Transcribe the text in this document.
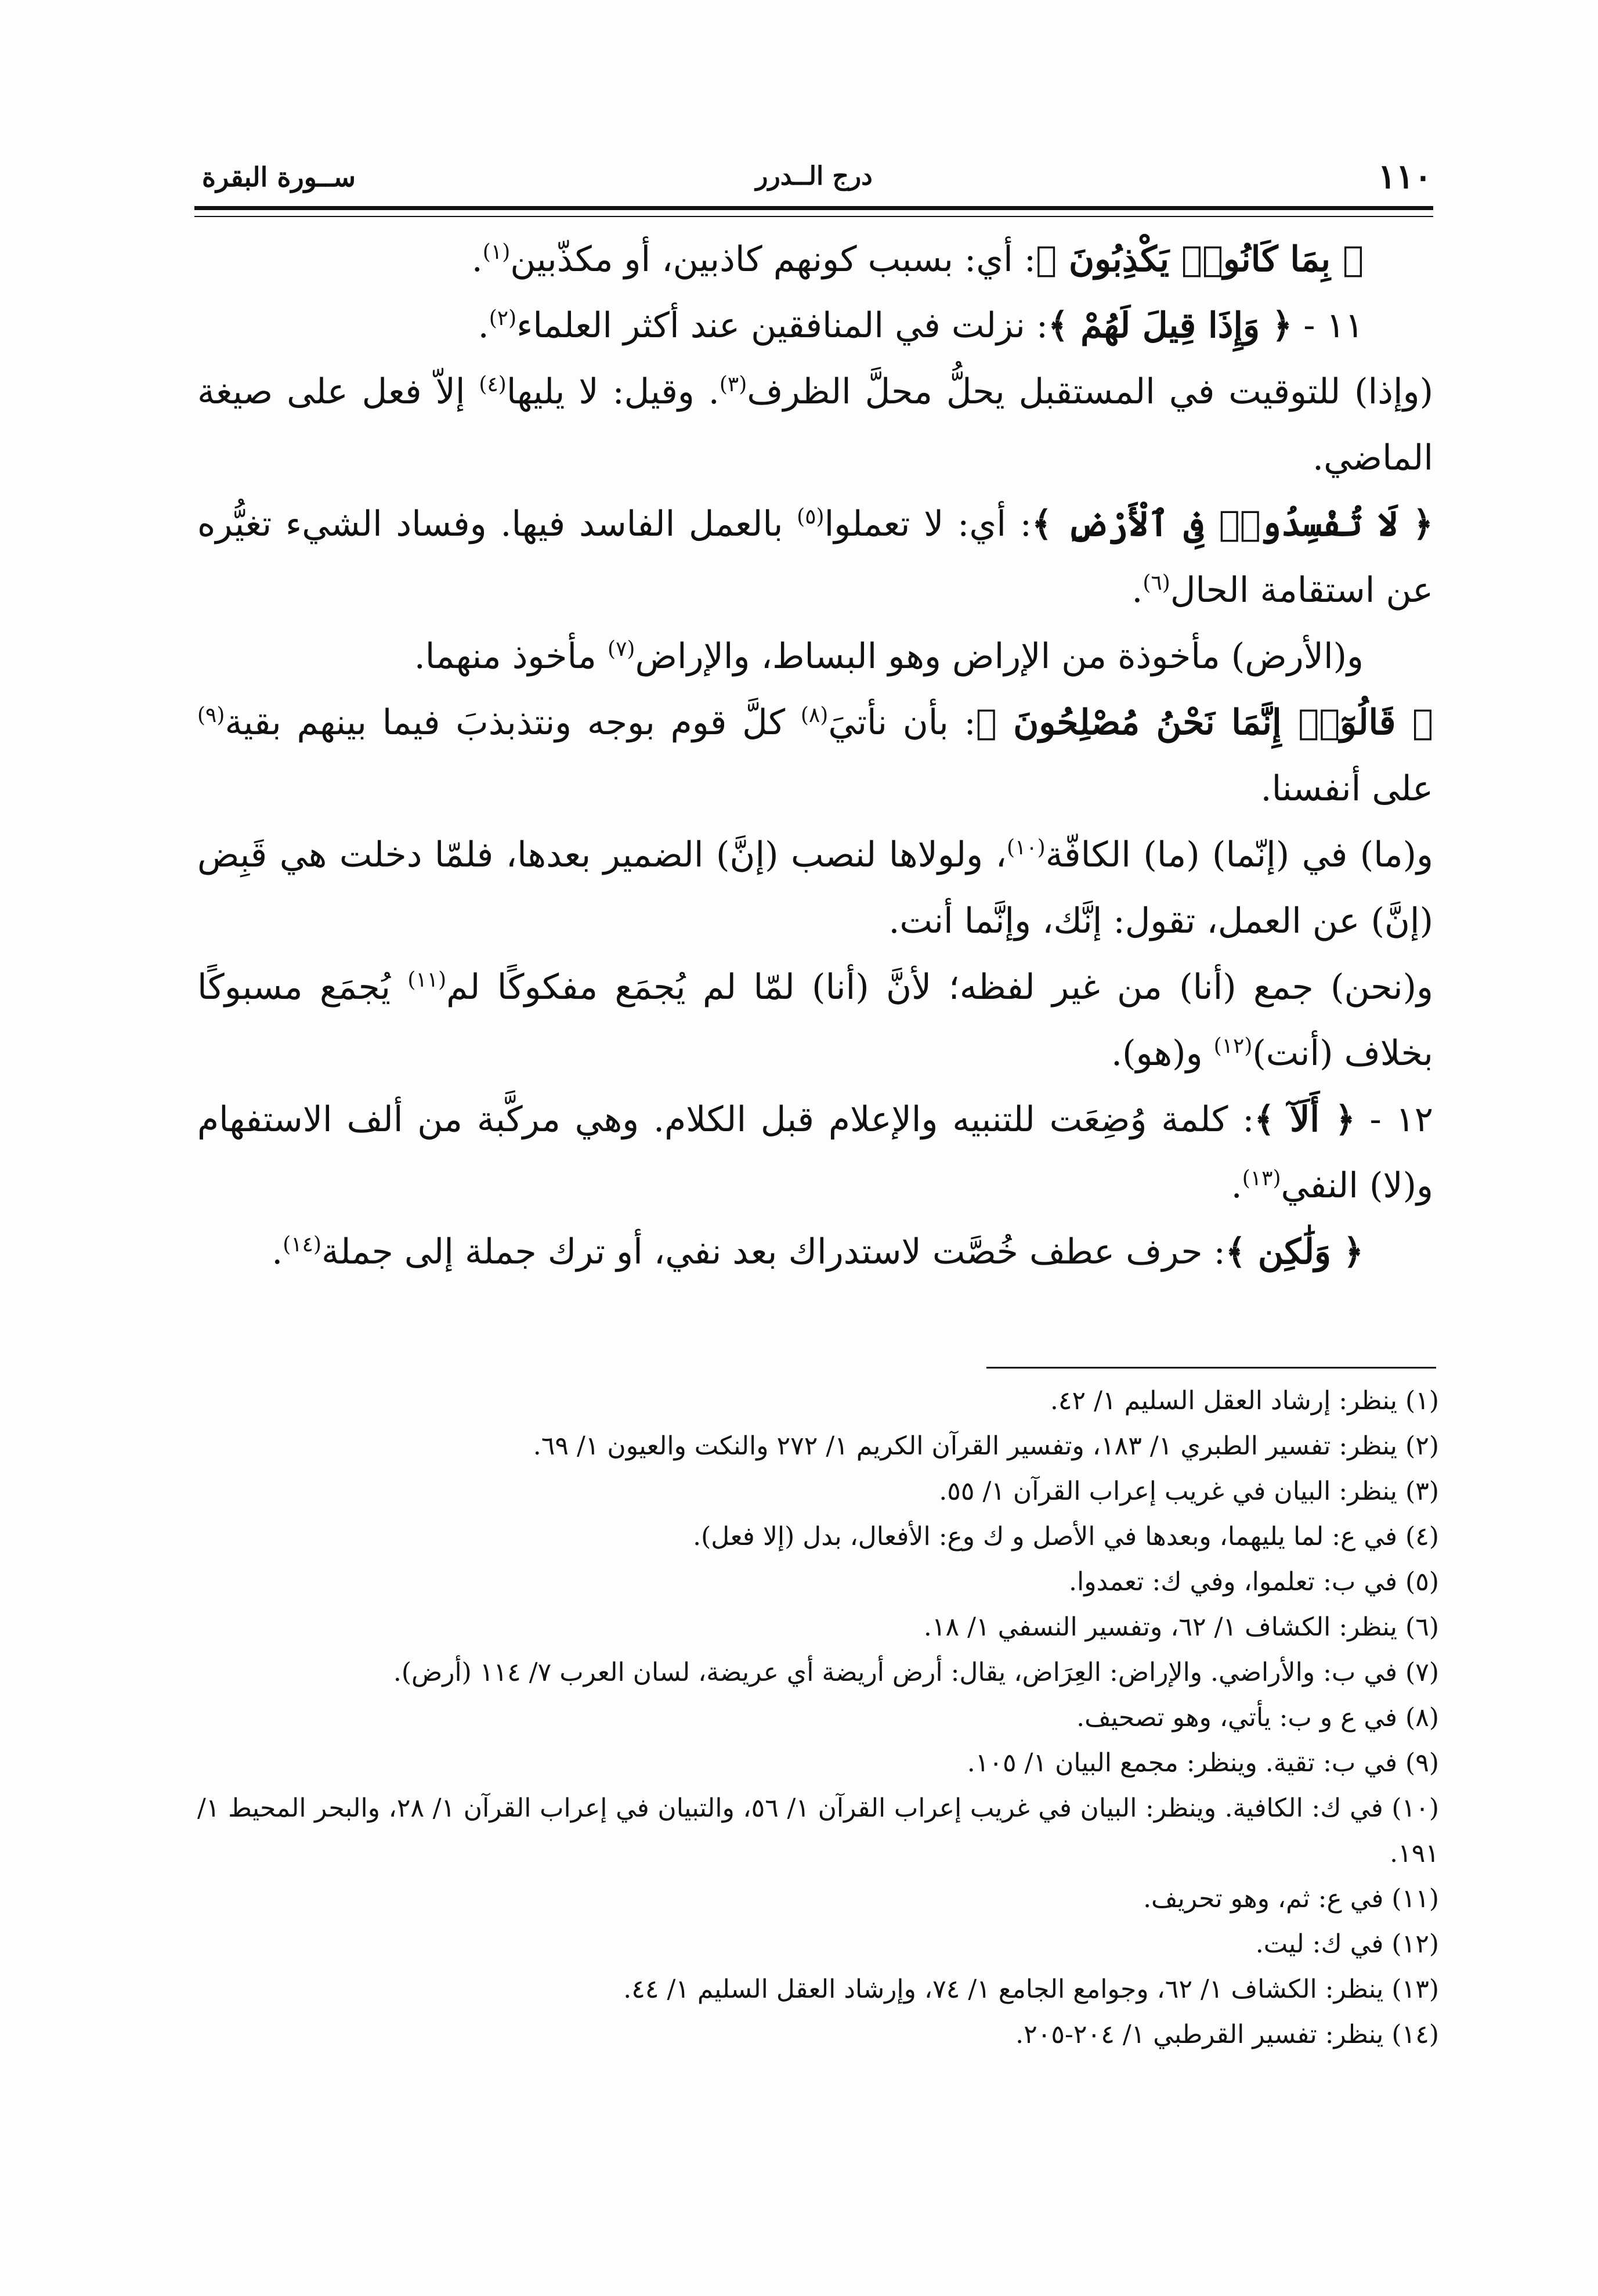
١١٠
درج الــدرر
ســورة البقرة

﴿ بِمَا كَانُوا۟ يَكْذِبُونَ ﴾: أي: بسبب كونهم كاذبين، أو مكذّبين$^{(١)}$.

١١ - ﴿ وَإِذَا قِيلَ لَهُمْ ﴾: نزلت في المنافقين عند أكثر العلماء$^{(٢)}$.

(وإذا) للتوقيت في المستقبل يحلُّ محلَّ الظرف$^{(٣)}$. وقيل: لا يليها$^{(٤)}$ إلاّ فعل على صيغة الماضي.

﴿ لَا تُفْسِدُوا۟ فِى ٱلْأَرْضِ ﴾: أي: لا تعملوا$^{(٥)}$ بالعمل الفاسد فيها. وفساد الشيء تغيُّره عن استقامة الحال$^{(٦)}$.

و(الأرض) مأخوذة من الإراض وهو البساط، والإراض$^{(٧)}$ مأخوذ منهما.

﴿ قَالُوٓا۟ إِنَّمَا نَحْنُ مُصْلِحُونَ ﴾: بأن نأتيَ$^{(٨)}$ كلَّ قوم بوجه ونتذبذبَ فيما بينهم بقية$^{(٩)}$ على أنفسنا.

و(ما) في (إنّما) (ما) الكافّة$^{(١٠)}$، ولولاها لنصب (إنَّ) الضمير بعدها، فلمّا دخلت هي قَبِض (إنَّ) عن العمل، تقول: إنَّك، وإنَّما أنت.

و(نحن) جمع (أنا) من غير لفظه؛ لأنَّ (أنا) لمّا لم يُجمَع مفكوكًا لم$^{(١١)}$ يُجمَع مسبوكًا بخلاف (أنت)$^{(١٢)}$ و(هو).

١٢ - ﴿ أَلَآ ﴾: كلمة وُضِعَت للتنبيه والإعلام قبل الكلام. وهي مركَّبة من ألف الاستفهام و(لا) النفي$^{(١٣)}$.

﴿ وَلَٰكِن ﴾: حرف عطف خُصَّت لاستدراك بعد نفي، أو ترك جملة إلى جملة$^{(١٤)}$.

(١) ينظر: إرشاد العقل السليم ١/ ٤٢.
(٢) ينظر: تفسير الطبري ١/ ١٨٣، وتفسير القرآن الكريم ١/ ٢٧٢ والنكت والعيون ١/ ٦٩.
(٣) ينظر: البيان في غريب إعراب القرآن ١/ ٥٥.
(٤) في ع: لما يليهما، وبعدها في الأصل و ك وع: الأفعال، بدل (إلا فعل).
(٥) في ب: تعلموا، وفي ك: تعمدوا.
(٦) ينظر: الكشاف ١/ ٦٢، وتفسير النسفي ١/ ١٨.
(٧) في ب: والأراضي. والإراض: العِرَاض، يقال: أرض أريضة أي عريضة، لسان العرب ٧/ ١١٤ (أرض).
(٨) في ع و ب: يأتي، وهو تصحيف.
(٩) في ب: تقية. وينظر: مجمع البيان ١/ ١٠٥.
(١٠) في ك: الكافية. وينظر: البيان في غريب إعراب القرآن ١/ ٥٦، والتبيان في إعراب القرآن ١/ ٢٨، والبحر المحيط ١/ ١٩١.
(١١) في ع: ثم، وهو تحريف.
(١٢) في ك: ليت.
(١٣) ينظر: الكشاف ١/ ٦٢، وجوامع الجامع ١/ ٧٤، وإرشاد العقل السليم ١/ ٤٤.
(١٤) ينظر: تفسير القرطبي ١/ ٢٠٤-٢٠٥.
